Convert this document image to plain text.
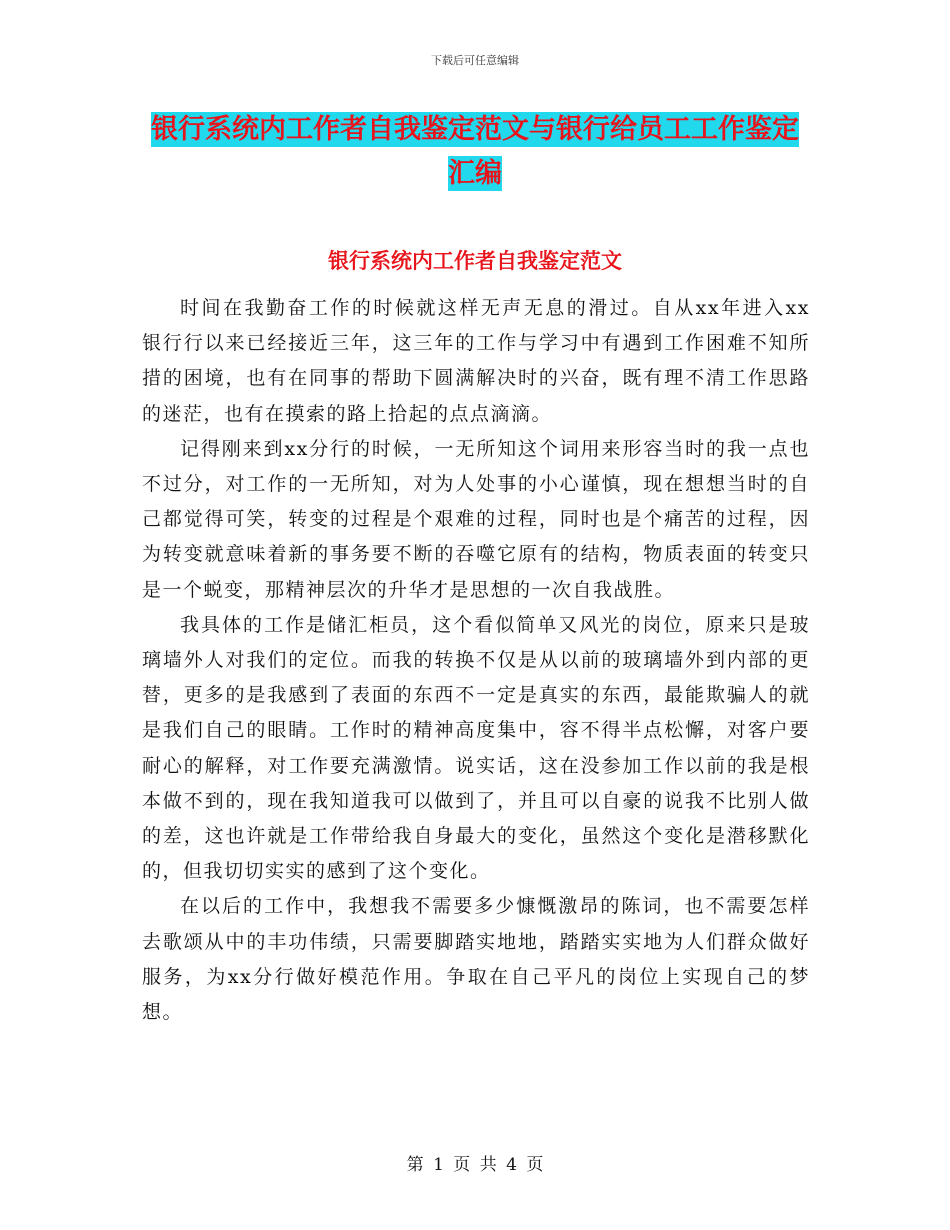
下载后可任意编辑
银行系统内工作者自我鉴定范文与银行给员工工作鉴定汇编
银行系统内工作者自我鉴定范文

时间在我勤奋工作的时候就这样无声无息的滑过。自从xx年进入xx 银行行以来已经接近三年，这三年的工作与学习中有遇到工作困难不知所措的困境，也有在同事的帮助下圆满解决时的兴奋，既有理不清工作思路的迷茫，也有在摸索的路上拾起的点点滴滴。

记得刚来到xx分行的时候，一无所知这个词用来形容当时的我一点也不过分，对工作的一无所知，对为人处事的小心谨慎，现在想想当时的自己都觉得可笑，转变的过程是个艰难的过程，同时也是个痛苦的过程，因为转变就意味着新的事务要不断的吞噬它原有的结构，物质表面的转变只是一个蜕变，那精神层次的升华才是思想的一次自我战胜。

我具体的工作是储汇柜员，这个看似简单又风光的岗位，原来只是玻璃墙外人对我们的定位。而我的转换不仅是从以前的玻璃墙外到内部的更替，更多的是我感到了表面的东西不一定是真实的东西，最能欺骗人的就是我们自己的眼睛。工作时的精神高度集中，容不得半点松懈，对客户要耐心的解释，对工作要充满激情。说实话，这在没参加工作以前的我是根本做不到的，现在我知道我可以做到了，并且可以自豪的说我不比别人做的差，这也许就是工作带给我自身最大的变化，虽然这个变化是潜移默化的，但我切切实实的感到了这个变化。

在以后的工作中，我想我不需要多少慷慨激昂的陈词，也不需要怎样去歌颂从中的丰功伟绩，只需要脚踏实地地，踏踏实实地为人们群众做好服务，为xx分行做好模范作用。争取在自己平凡的岗位上实现自己的梦想。

第 1 页 共 4 页
